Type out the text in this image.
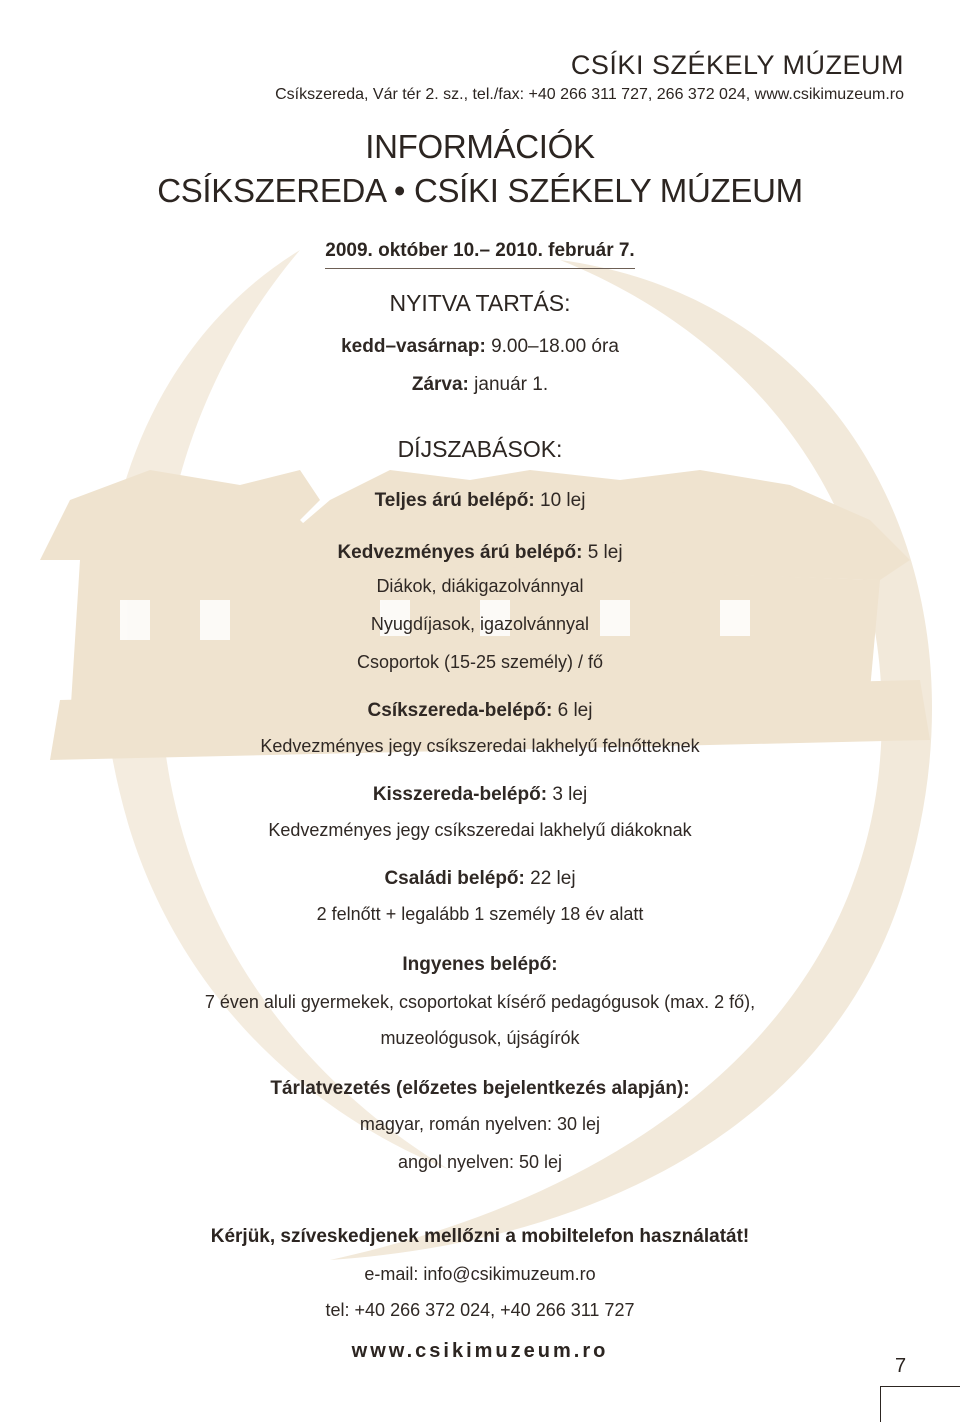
CSÍKI SZÉKELY MÚZEUM
Csíkszereda, Vár tér 2. sz., tel./fax: +40 266 311 727, 266 372 024, www.csikimuzeum.ro
INFORMÁCIÓK
CSÍKSZEREDA • CSÍKI SZÉKELY MÚZEUM
2009. október 10.– 2010. február 7.
NYITVA TARTÁS:
kedd–vasárnap: 9.00–18.00 óra
Zárva: január 1.
DÍJSZABÁSOK:
Teljes árú belépő: 10 lej
Kedvezményes árú belépő: 5 lej
Diákok, diákigazolvánnyal
Nyugdíjasok, igazolvánnyal
Csoportok (15-25 személy) / fő
Csíkszereda-belépő: 6 lej
Kedvezményes jegy csíkszeredai lakhelyű felnőtteknek
Kisszereda-belépő: 3 lej
Kedvezményes jegy csíkszeredai lakhelyű diákoknak
Családi belépő: 22 lej
2 felnőtt + legalább 1 személy 18 év alatt
Ingyenes belépő:
7 éven aluli gyermekek, csoportokat kísérő pedagógusok (max. 2 fő),
muzeológusok, újságírók
Tárlatvezetés (előzetes bejelentkezés alapján):
magyar, román nyelven: 30 lej
angol nyelven: 50 lej
Kérjük, szíveskedjenek mellőzni a mobiltelefon használatát!
e-mail: info@csikimuzeum.ro
tel: +40 266 372 024, +40 266 311 727
www.csikimuzeum.ro
7
